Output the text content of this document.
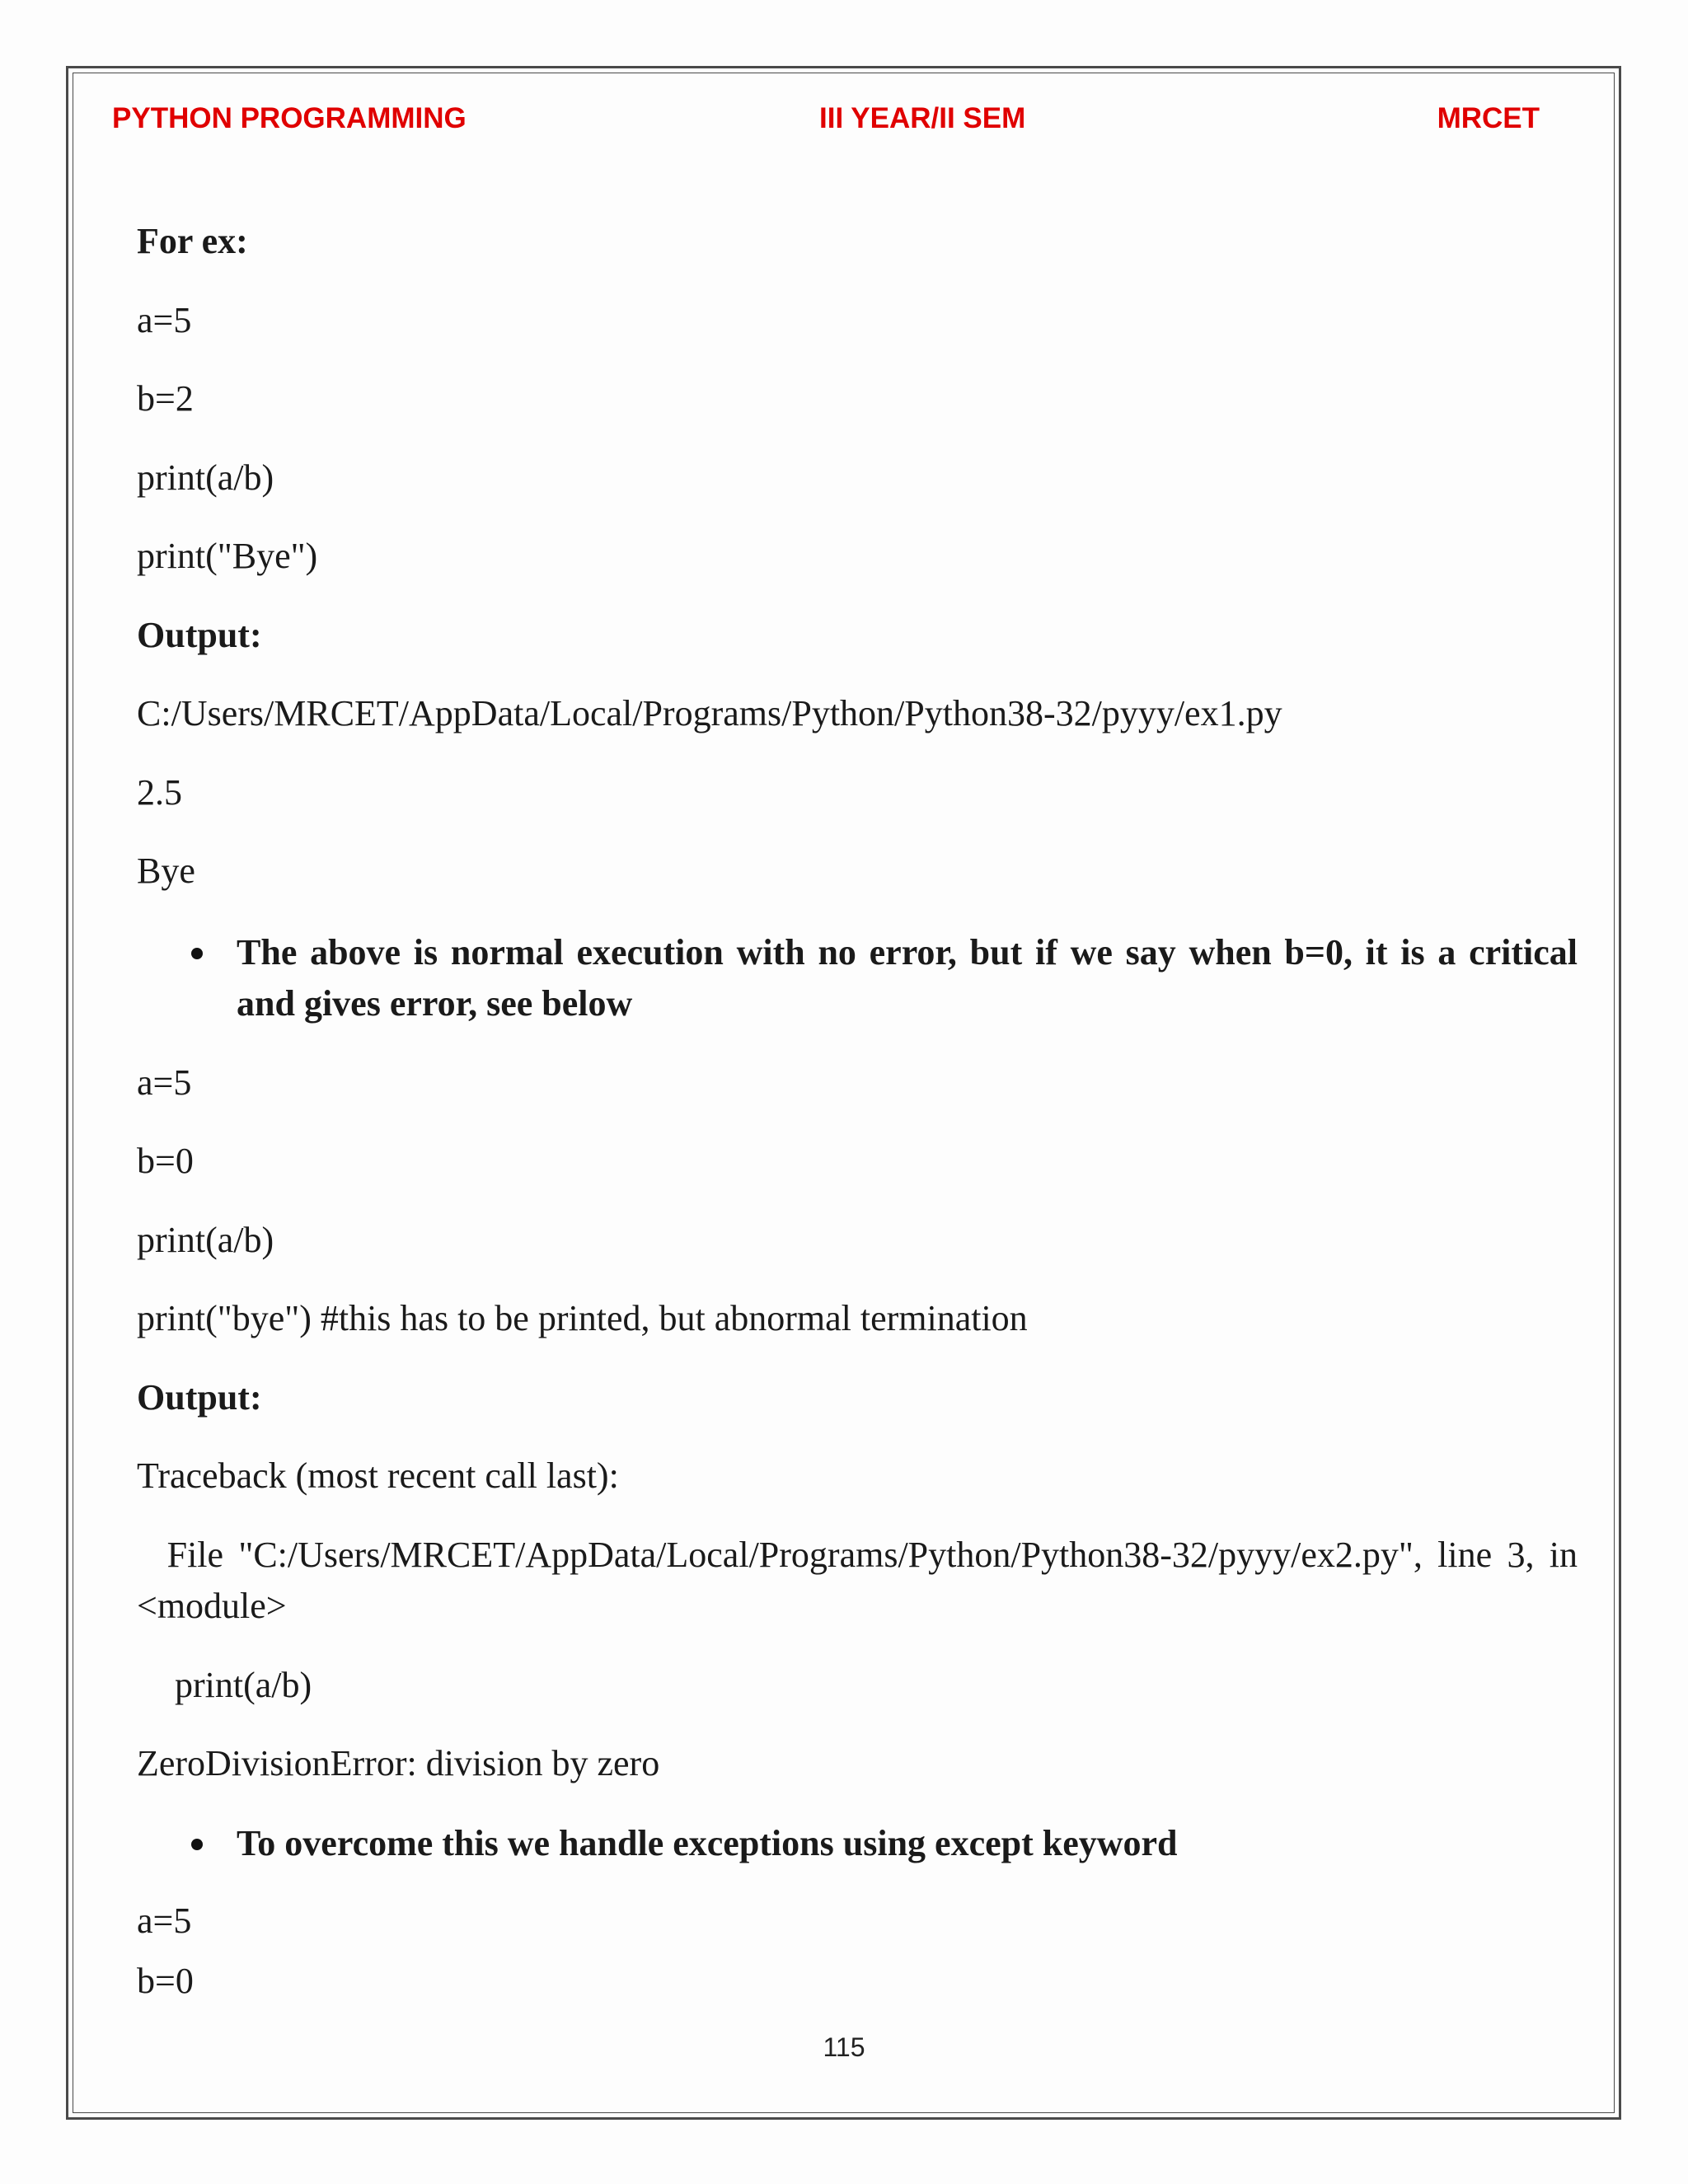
PYTHON PROGRAMMING	III YEAR/II SEM	MRCET
For ex:
a=5
b=2
print(a/b)
print("Bye")
Output:
C:/Users/MRCET/AppData/Local/Programs/Python/Python38-32/pyyy/ex1.py
2.5
Bye
The above is normal execution with no error, but if we say when b=0, it is a critical and gives error, see below
a=5
b=0
print(a/b)
print("bye") #this has to be printed, but abnormal termination
Output:
Traceback (most recent call last):
File "C:/Users/MRCET/AppData/Local/Programs/Python/Python38-32/pyyy/ex2.py", line 3, in <module>
print(a/b)
ZeroDivisionError: division by zero
To overcome this we handle exceptions using except keyword
a=5
b=0
115
